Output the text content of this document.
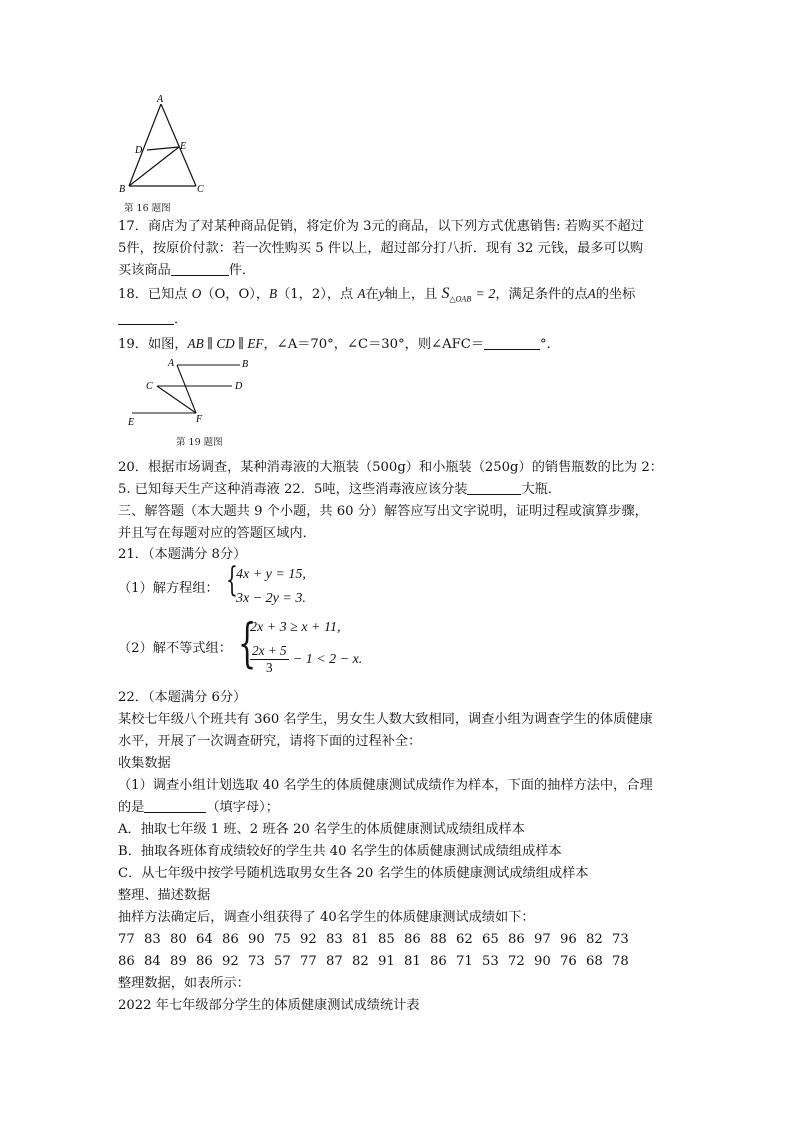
A
D	E
B	C
第 16 题图
17．商店为了对某种商品促销，将定价为 3元的商品，以下列方式优惠销售: 若购买不超过
5件，按原价付款：若一次性购买 5 件以上，超过部分打八折．现有 32 元钱，最多可以购
买该商品	件．
18．已知点 O（O，O），B（1，2），点 A在y轴上，且 $S_{\triangle OAB} = 2$，满足条件的点A的坐标
．
19．如图，AB ∥ CD ∥ EF，∠A＝70°，∠C＝30°，则∠AFC＝	°．
A	B
C	D
E	F
第 19 题图
20．根据市场调查，某种消毒液的大瓶装（500g）和小瓶装（250g）的销售瓶数的比为 2：
5. 已知每天生产这种消毒液 22．5吨，这些消毒液应该分装	大瓶．
三、解答题（本大题共 9 个小题，共 60 分）解答应写出文字说明，证明过程或演算步骤，
并且写在每题对应的答题区域内．
21．（本题满分 8分）
（1）解方程组： {
4x + y = 15,
3x − 2y = 3.
（2）解不等式组： {
2x + 3 ≥ x + 11,
$\frac{2x + 5}{3} - 1 < 2 - x$.
22．（本题满分 6分）
某校七年级八个班共有 360 名学生，男女生人数大致相同，调查小组为调查学生的体质健康
水平，开展了一次调查研究，请将下面的过程补全：
收集数据
（1）调查小组计划选取 40 名学生的体质健康测试成绩作为样本，下面的抽样方法中，合理
的是	（填字母）；
A．抽取七年级 1 班、2 班各 20 名学生的体质健康测试成绩组成样本
B．抽取各班体育成绩较好的学生共 40 名学生的体质健康测试成绩组成样本
C．从七年级中按学号随机选取男女生各 20 名学生的体质健康测试成绩组成样本
整理、描述数据
抽样方法确定后，调查小组获得了 40名学生的体质健康测试成绩如下：
77 83 80 64 86 90 75 92 83 81 85 86 88 62 65 86 97 96 82 73
86 84 89 86 92 73 57 77 87 82 91 81 86 71 53 72 90 76 68 78
整理数据，如表所示：
2022 年七年级部分学生的体质健康测试成绩统计表
